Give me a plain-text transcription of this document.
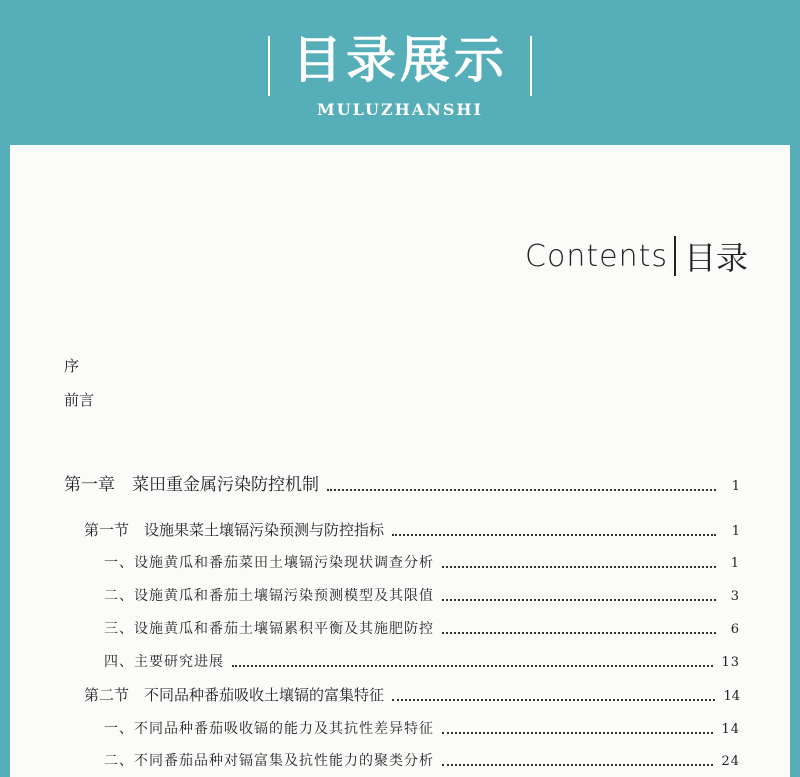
目录展示
MULUZHANSHI
Contents 目录
序
前言
第一章　菜田重金属污染防控机制	1
第一节　设施果菜土壤镉污染预测与防控指标	1
一、设施黄瓜和番茄菜田土壤镉污染现状调查分析	1
二、设施黄瓜和番茄土壤镉污染预测模型及其限值	3
三、设施黄瓜和番茄土壤镉累积平衡及其施肥防控	6
四、主要研究进展	13
第二节　不同品种番茄吸收土壤镉的富集特征	14
一、不同品种番茄吸收镉的能力及其抗性差异特征	14
二、不同番茄品种对镉富集及抗性能力的聚类分析	24
